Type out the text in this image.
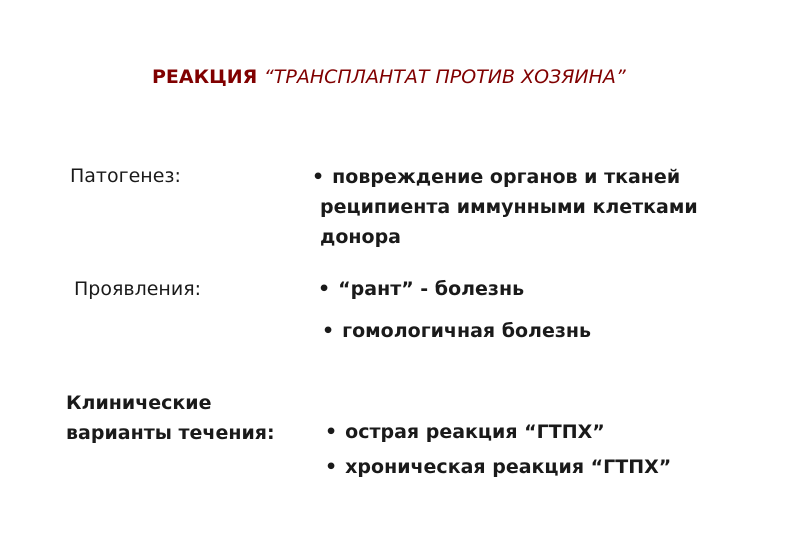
РЕАКЦИЯ “ТРАНСПЛАНТАТ ПРОТИВ ХОЗЯИНА”
Патогенез:	• повреждение органов и тканей
реципиента иммунными клетками
донора
Проявления:	• “рант” - болезнь
• гомологичная болезнь
Клинические
варианты течения:	• острая реакция “ГТПХ”
• хроническая реакция “ГТПХ”
